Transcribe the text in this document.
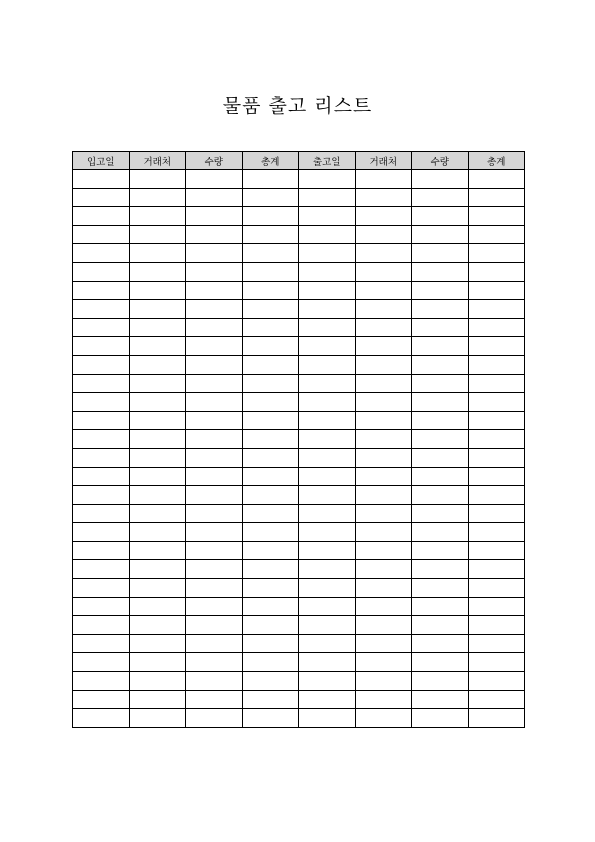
물품 출고 리스트
입고일	거래처	수량	총계	출고일	거래처	수량	총계
